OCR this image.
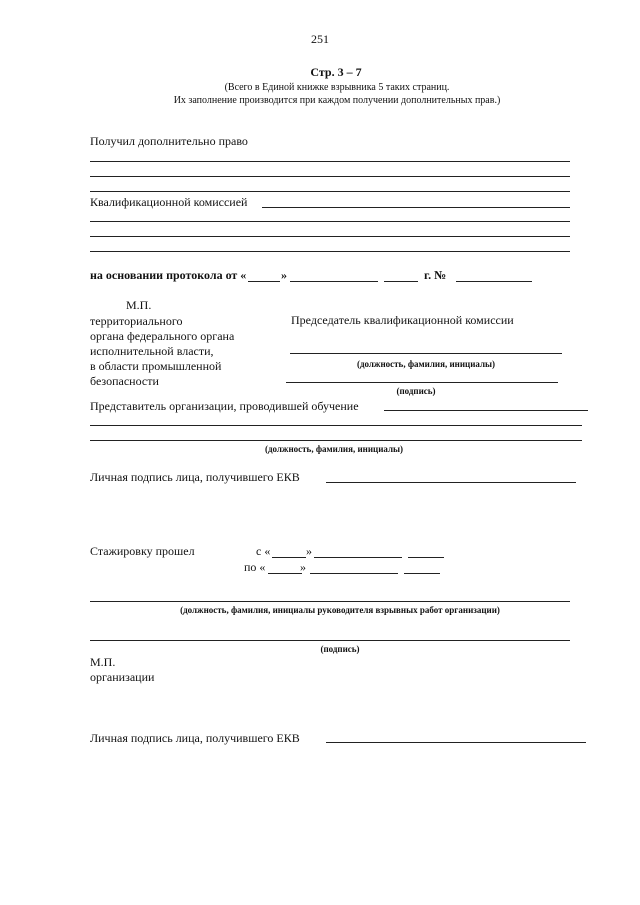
251
Стр. 3 – 7
(Всего в Единой книжке взрывника 5 таких страниц.
Их заполнение производится при каждом получении дополнительных прав.)
Получил дополнительно право
Квалификационной комиссией
на основании протокола от «	»	г. №
М.П.
территориального
органа федерального органа
исполнительной власти,
в области промышленной
безопасности
Председатель квалификационной комиссии
(должность, фамилия, инициалы)
(подпись)
Представитель организации, проводившей обучение
(должность, фамилия, инициалы)
Личная подпись лица, получившего ЕКВ
Стажировку прошел	с «	»
по «	»
(должность, фамилия, инициалы руководителя взрывных работ организации)
(подпись)
М.П.
организации
Личная подпись лица, получившего ЕКВ
